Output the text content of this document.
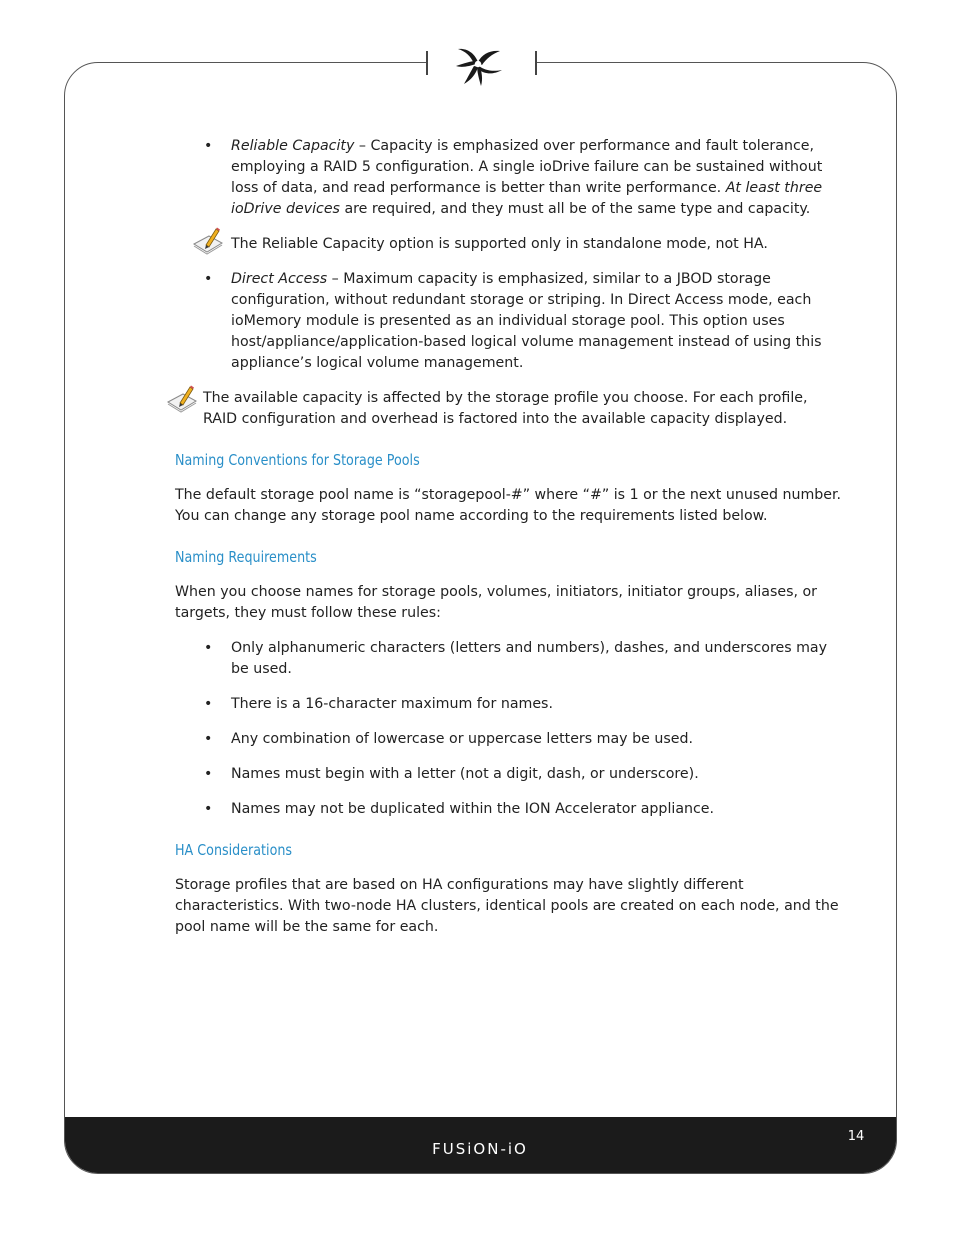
• Reliable Capacity – Capacity is emphasized over performance and fault tolerance, employing a RAID 5 configuration. A single ioDrive failure can be sustained without loss of data, and read performance is better than write performance. At least three ioDrive devices are required, and they must all be of the same type and capacity.

The Reliable Capacity option is supported only in standalone mode, not HA.

• Direct Access – Maximum capacity is emphasized, similar to a JBOD storage configuration, without redundant storage or striping. In Direct Access mode, each ioMemory module is presented as an individual storage pool. This option uses host/appliance/application-based logical volume management instead of using this appliance’s logical volume management.

The available capacity is affected by the storage profile you choose. For each profile, RAID configuration and overhead is factored into the available capacity displayed.

Naming Conventions for Storage Pools

The default storage pool name is “storagepool-#” where “#” is 1 or the next unused number. You can change any storage pool name according to the requirements listed below.

Naming Requirements

When you choose names for storage pools, volumes, initiators, initiator groups, aliases, or targets, they must follow these rules:

• Only alphanumeric characters (letters and numbers), dashes, and underscores may be used.

• There is a 16-character maximum for names.

• Any combination of lowercase or uppercase letters may be used.

• Names must begin with a letter (not a digit, dash, or underscore).

• Names may not be duplicated within the ION Accelerator appliance.

HA Considerations

Storage profiles that are based on HA configurations may have slightly different characteristics. With two-node HA clusters, identical pools are created on each node, and the pool name will be the same for each.

FUSiON-iO
14
